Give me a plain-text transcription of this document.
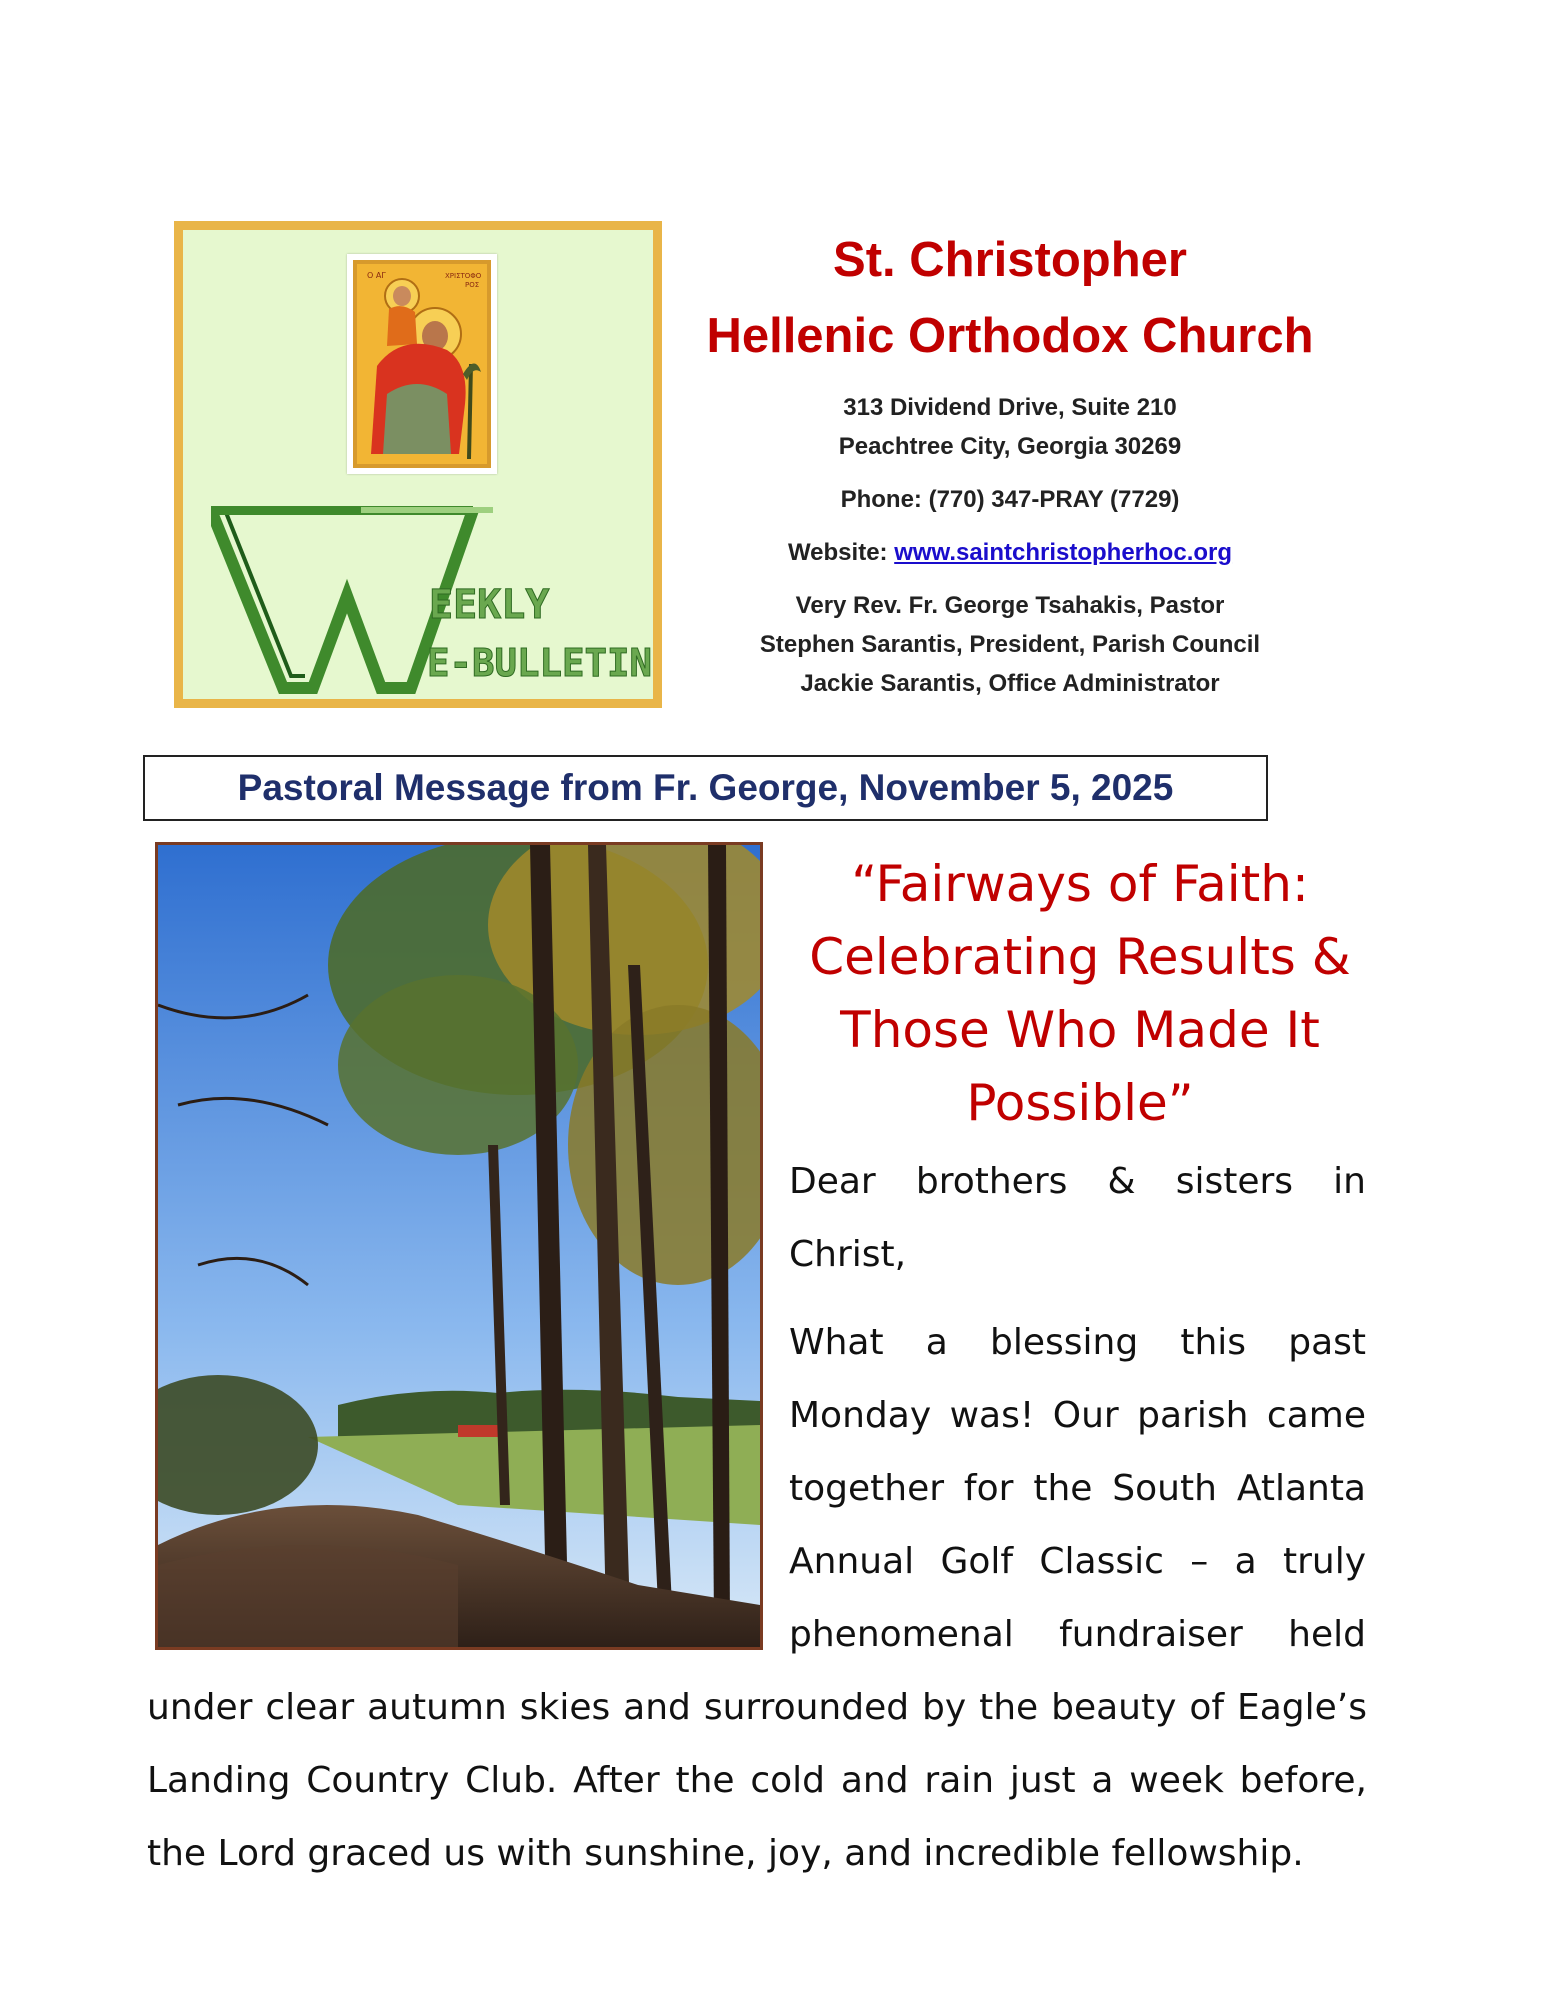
O ΑΓ	ΧΡΙΣΤΟΦΟ
ΡΟΣ
EEKLY
E-BULLETIN
St. Christopher
Hellenic Orthodox Church
313 Dividend Drive, Suite 210
Peachtree City, Georgia 30269
Phone: (770) 347-PRAY (7729)
Website: www.saintchristopherhoc.org
Very Rev. Fr. George Tsahakis, Pastor
Stephen Sarantis, President, Parish Council
Jackie Sarantis, Office Administrator
Pastoral Message from Fr. George, November 5, 2025
“Fairways of Faith:
Celebrating Results &
Those Who Made It
Possible”

Dear brothers & sisters in
Christ,

What a blessing this past
Monday was! Our parish came
together for the South Atlanta
Annual Golf Classic – a truly
phenomenal fundraiser held

under clear autumn skies and surrounded by the beauty of Eagle’s

Landing Country Club. After the cold and rain just a week before,

the Lord graced us with sunshine, joy, and incredible fellowship.
